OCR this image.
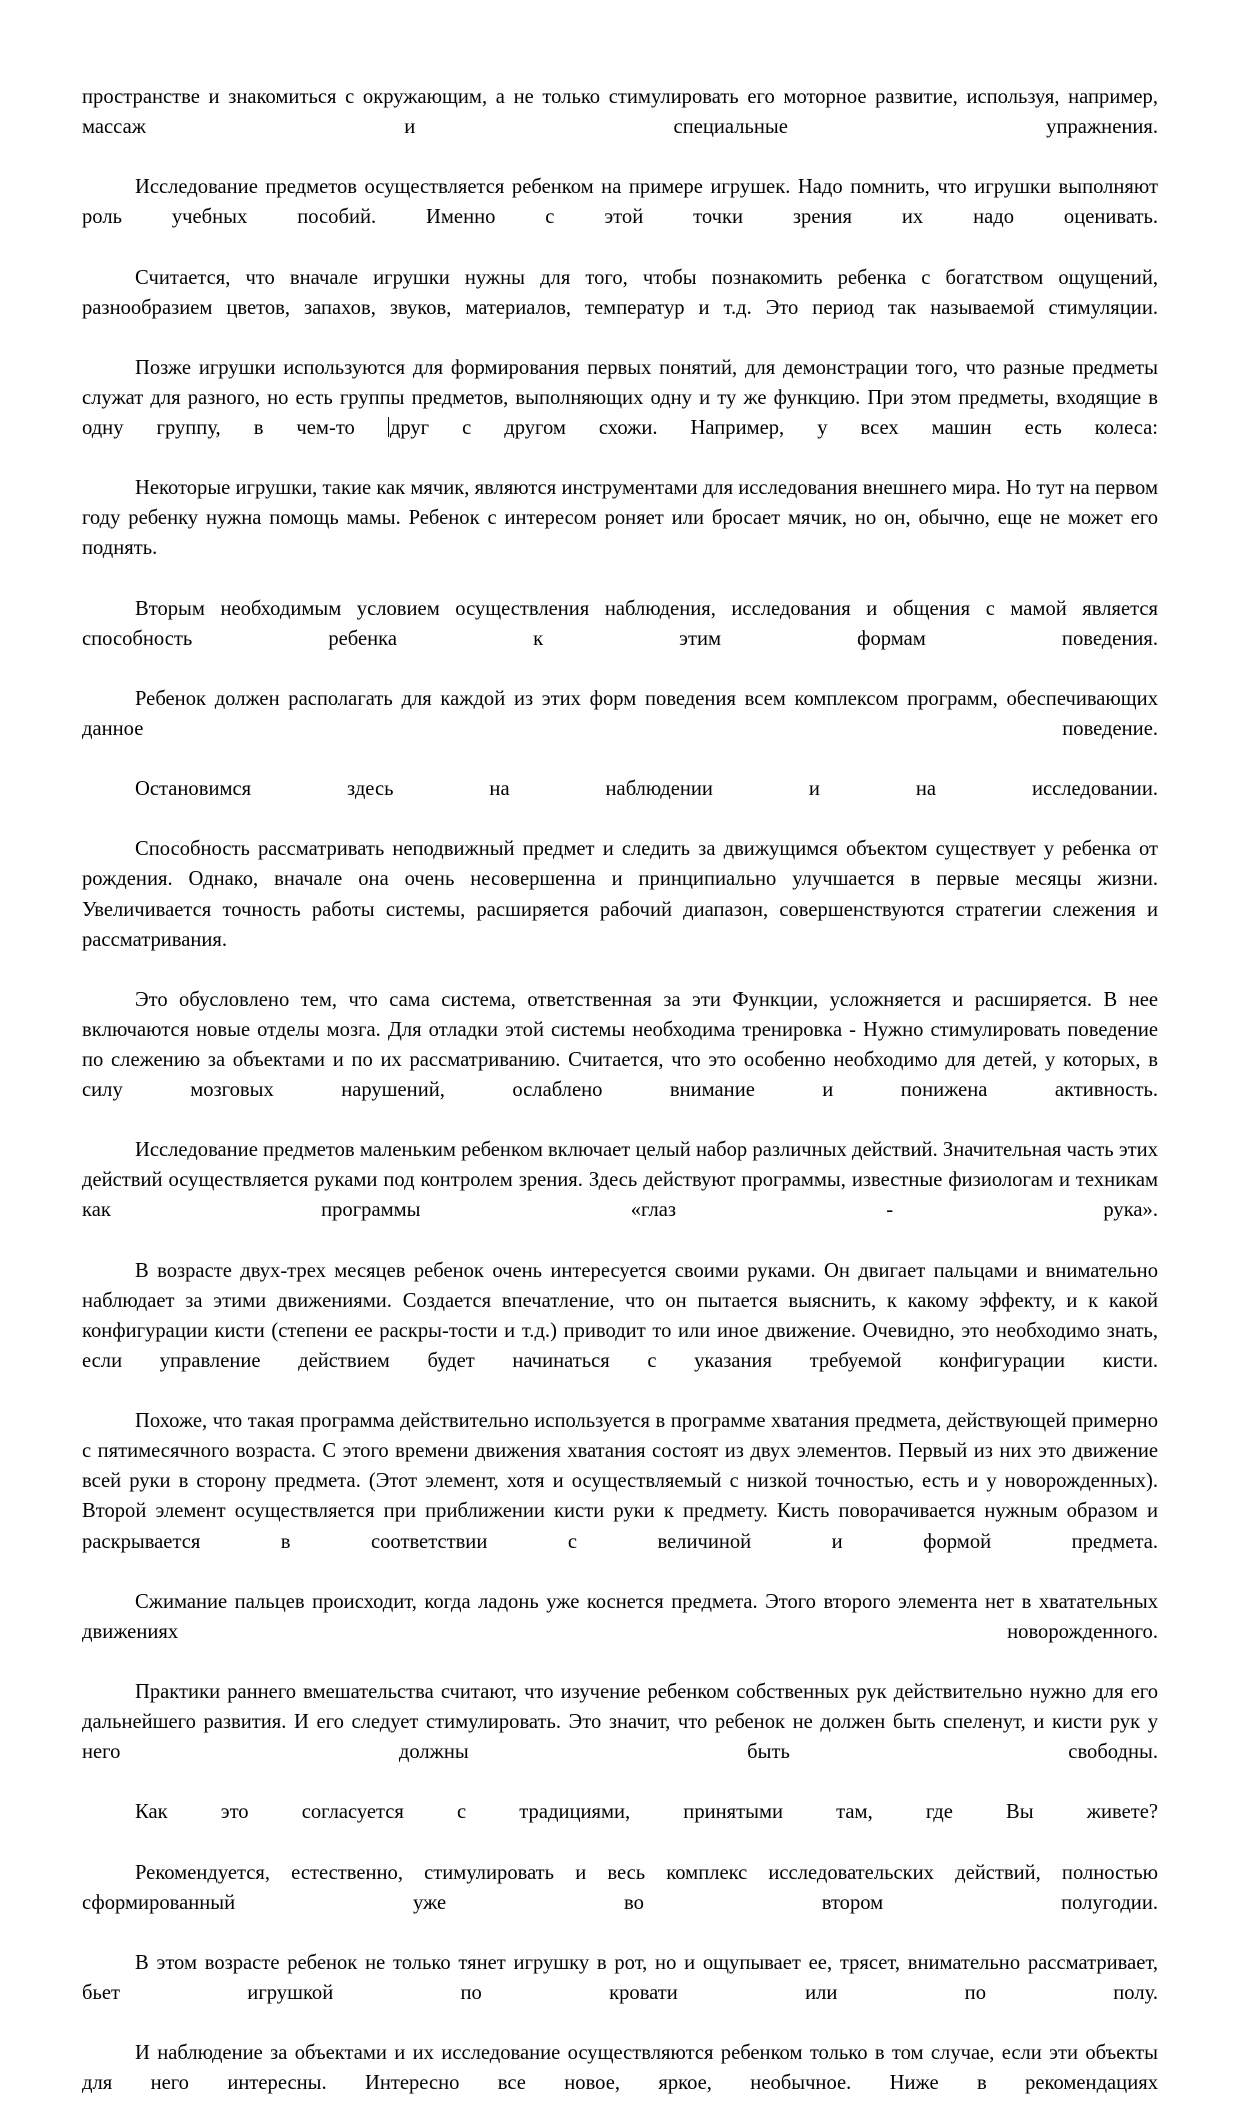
пространстве и знакомиться с окружающим, а не только стимулировать его моторное развитие, используя, например, массаж и специальные упражнения.

Исследование предметов осуществляется ребенком на примере игрушек. Надо помнить, что игрушки выполняют роль учебных пособий. Именно с этой точки зрения их надо оценивать.

Считается, что вначале игрушки нужны для того, чтобы познакомить ребенка с богатством ощущений, разнообразием цветов, запахов, звуков, материалов, температур и т.д. Это период так называемой стимуляции.

Позже игрушки используются для формирования первых понятий, для демонстрации того, что разные предметы служат для разного, но есть группы предметов, выполняющих одну и ту же функцию. При этом предметы, входящие в одну группу, в чем-то друг с другом схожи. Например, у всех машин есть колеса:

Некоторые игрушки, такие как мячик, являются инструментами для исследования внешнего мира. Но тут на первом году ребенку нужна помощь мамы. Ребенок с интересом роняет или бросает мячик, но он, обычно, еще не может его поднять.

Вторым необходимым условием осуществления наблюдения, исследования и общения с мамой является способность ребенка к этим формам поведения.

Ребенок должен располагать для каждой из этих форм поведения всем комплексом программ, обеспечивающих данное поведение.

Остановимся здесь на наблюдении и на исследовании.

Способность рассматривать неподвижный предмет и следить за движущимся объектом существует у ребенка от рождения. Однако, вначале она очень несовершенна и принципиально улучшается в первые месяцы жизни. Увеличивается точность работы системы, расширяется рабочий диапазон, совершенствуются стратегии слежения и рассматривания.

Это обусловлено тем, что сама система, ответственная за эти Функции, усложняется и расширяется. В нее включаются новые отделы мозга. Для отладки этой системы необходима тренировка - Нужно стимулировать поведение по слежению за объектами и по их рассматриванию. Считается, что это особенно необходимо для детей, у которых, в силу мозговых нарушений, ослаблено внимание и понижена активность.

Исследование предметов маленьким ребенком включает целый набор различных действий. Значительная часть этих действий осуществляется руками под контролем зрения. Здесь действуют программы, известные физиологам и техникам как программы «глаз - рука».

В возрасте двух-трех месяцев ребенок очень интересуется своими руками. Он двигает пальцами и внимательно наблюдает за этими движениями. Создается впечатление, что он пытается выяснить, к какому эффекту, и к какой конфигурации кисти (степени ее раскры-тости и т.д.) приводит то или иное движение. Очевидно, это необходимо знать, если управление действием будет начинаться с указания требуемой конфигурации кисти.

Похоже, что такая программа действительно используется в программе хватания предмета, действующей примерно с пятимесячного возраста. С этого времени движения хватания состоят из двух элементов. Первый из них это движение всей руки в сторону предмета. (Этот элемент, хотя и осуществляемый с низкой точностью, есть и у новорожденных). Второй элемент осуществляется при приближении кисти руки к предмету. Кисть поворачивается нужным образом и раскрывается в соответствии с величиной и формой предмета.

Сжимание пальцев происходит, когда ладонь уже коснется предмета. Этого второго элемента нет в хватательных движениях новорожденного.

Практики раннего вмешательства считают, что изучение ребенком собственных рук действительно нужно для его дальнейшего развития. И его следует стимулировать. Это значит, что ребенок не должен быть спеленут, и кисти рук у него должны быть свободны.

Как это согласуется с традициями, принятыми там, где Вы живете?

Рекомендуется, естественно, стимулировать и весь комплекс исследовательских действий, полностью сформированный уже во втором полугодии.

В этом возрасте ребенок не только тянет игрушку в рот, но и ощупывает ее, трясет, внимательно рассматривает, бьет игрушкой по кровати или по полу.

И наблюдение за объектами и их исследование осуществляются ребенком только в том случае, если эти объекты для него интересны. Интересно все новое, яркое, необычное. Ниже в рекомендациях
